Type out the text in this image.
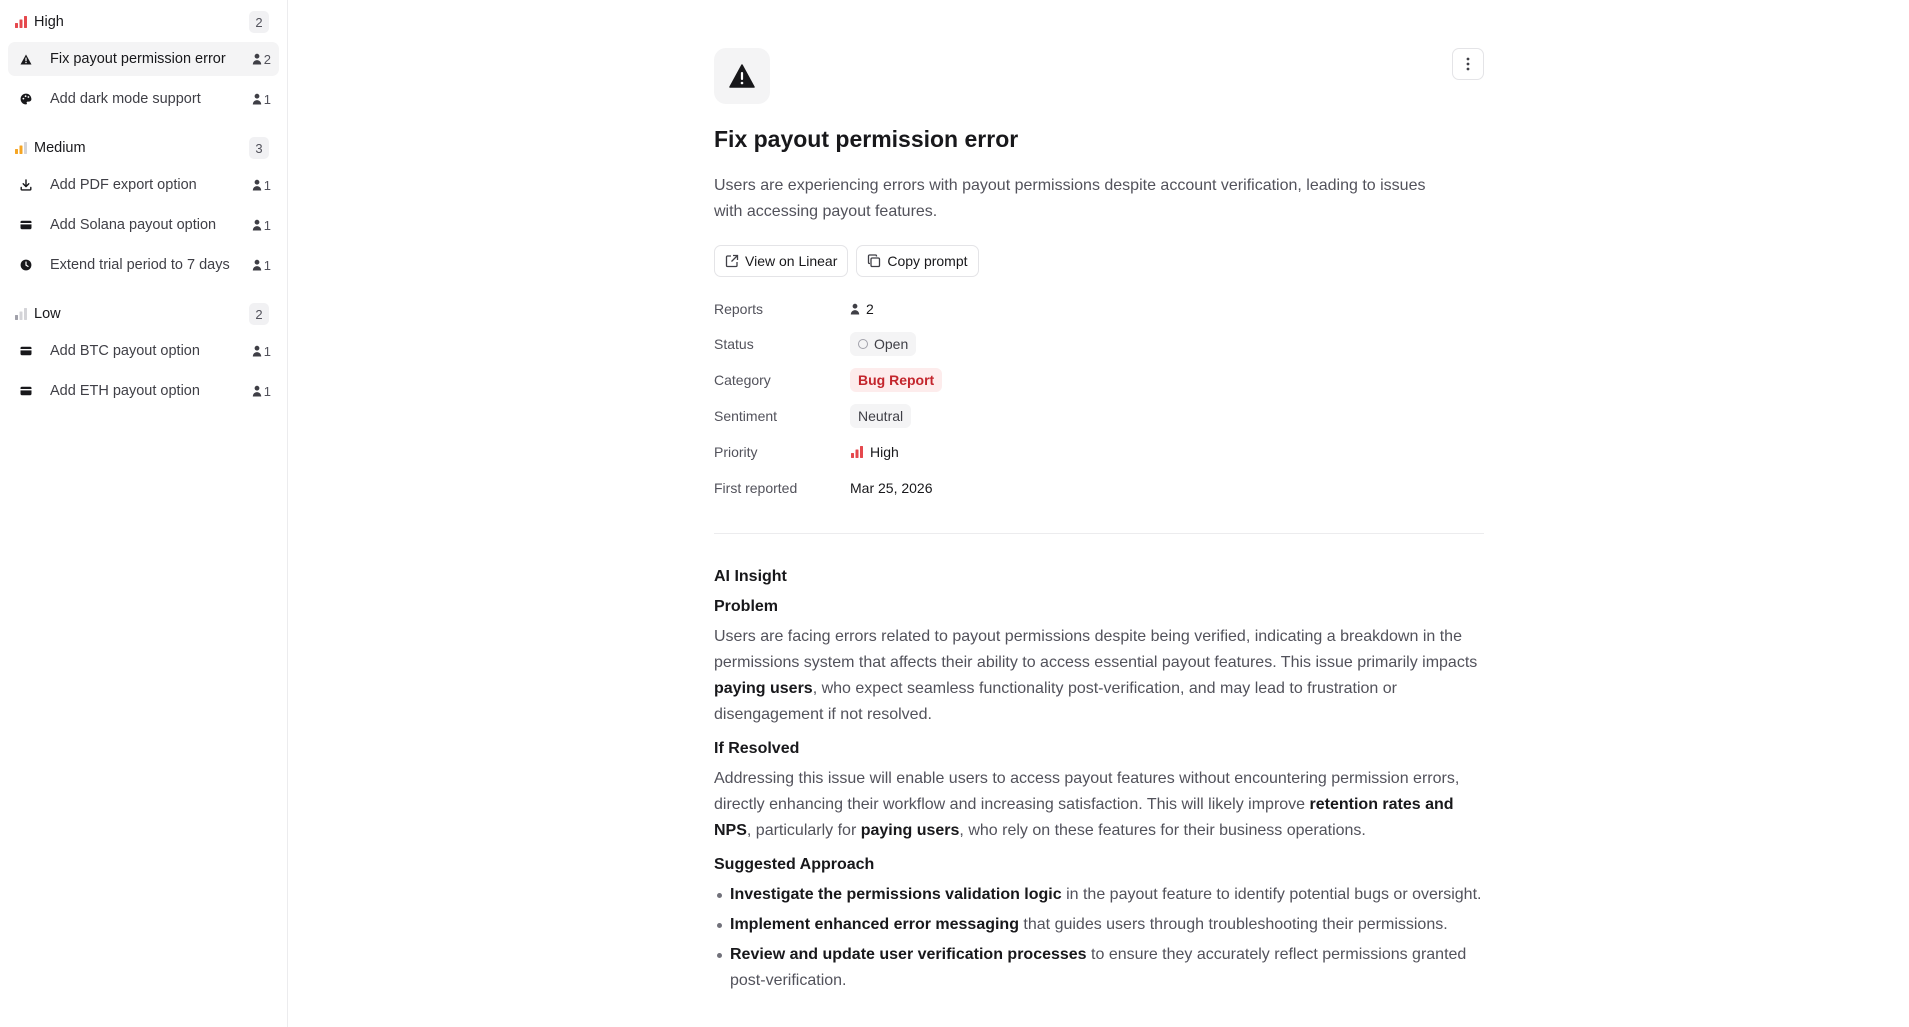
High	2
Fix payout permission error	2
Add dark mode support	1
Medium	3
Add PDF export option	1
Add Solana payout option	1
Extend trial period to 7 days	1
Low	2
Add BTC payout option	1
Add ETH payout option	1
Fix payout permission error

Users are experiencing errors with payout permissions despite account verification, leading to issues with accessing payout features.

View on Linear	Copy prompt
Reports	2
Status	Open
Category	Bug Report
Sentiment	Neutral
Priority	High
First reported	Mar 25, 2026
AI Insight
Problem

Users are facing errors related to payout permissions despite being verified, indicating a breakdown in the permissions system that affects their ability to access essential payout features. This issue primarily impacts paying users, who expect seamless functionality post-verification, and may lead to frustration or disengagement if not resolved.

If Resolved

Addressing this issue will enable users to access payout features without encountering permission errors, directly enhancing their workflow and increasing satisfaction. This will likely improve retention rates and NPS, particularly for paying users, who rely on these features for their business operations.

Suggested Approach
Investigate the permissions validation logic in the payout feature to identify potential bugs or oversight.
Implement enhanced error messaging that guides users through troubleshooting their permissions.
Review and update user verification processes to ensure they accurately reflect permissions granted post-verification.
